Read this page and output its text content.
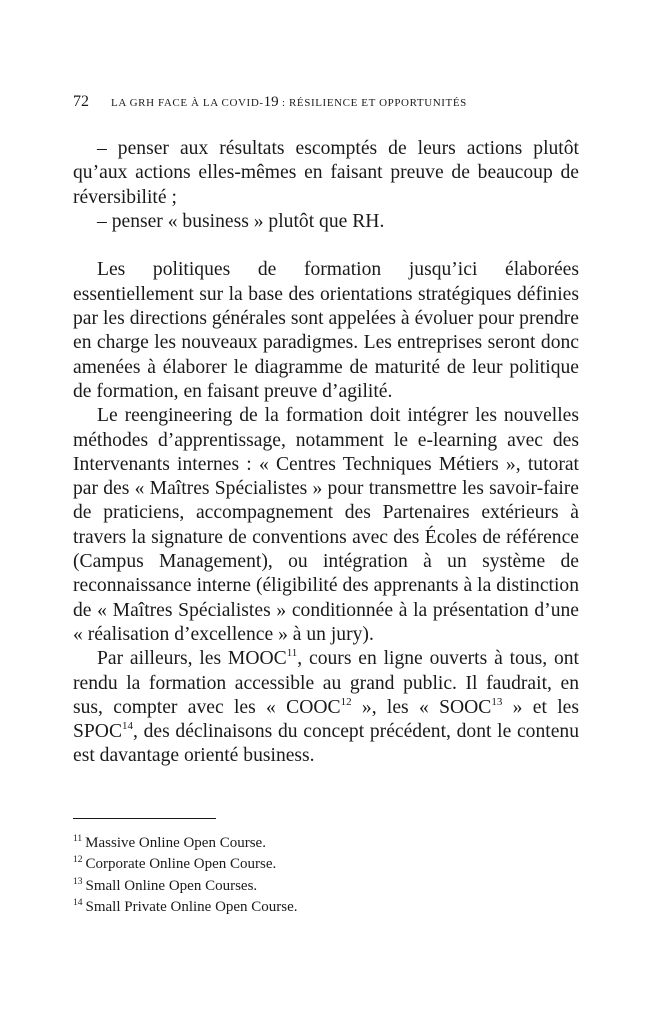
72 LA GRH FACE À LA COVID-19 : RÉSILIENCE ET OPPORTUNITÉS

– penser aux résultats escomptés de leurs actions plutôt qu’aux actions elles-mêmes en faisant preuve de beaucoup de réversibilité ;

– penser « business » plutôt que RH.

Les politiques de formation jusqu’ici élaborées essentiellement sur la base des orientations stratégiques définies par les directions générales sont appelées à évoluer pour prendre en charge les nouveaux paradigmes. Les entreprises seront donc amenées à élaborer le diagramme de maturité de leur politique de formation, en faisant preuve d’agilité.

Le reengineering de la formation doit intégrer les nouvelles méthodes d’apprentissage, notamment le e-learning avec des Intervenants internes : « Centres Techniques Métiers », tutorat par des « Maîtres Spécialistes » pour transmettre les savoir-faire de praticiens, accompagnement des Partenaires extérieurs à travers la signature de conventions avec des Écoles de référence (Campus Management), ou intégration à un système de reconnaissance interne (éligibilité des apprenants à la distinction de « Maîtres Spécialistes » conditionnée à la présentation d’une « réalisation d’excellence » à un jury).

Par ailleurs, les MOOC$^{11}$, cours en ligne ouverts à tous, ont rendu la formation accessible au grand public. Il faudrait, en sus, compter avec les « COOC$^{12}$ », les « SOOC$^{13}$ » et les SPOC$^{14}$, des déclinaisons du concept précédent, dont le contenu est davantage orienté business.

$^{11}$ Massive Online Open Course.
$^{12}$ Corporate Online Open Course.
$^{13}$ Small Online Open Courses.
$^{14}$ Small Private Online Open Course.
